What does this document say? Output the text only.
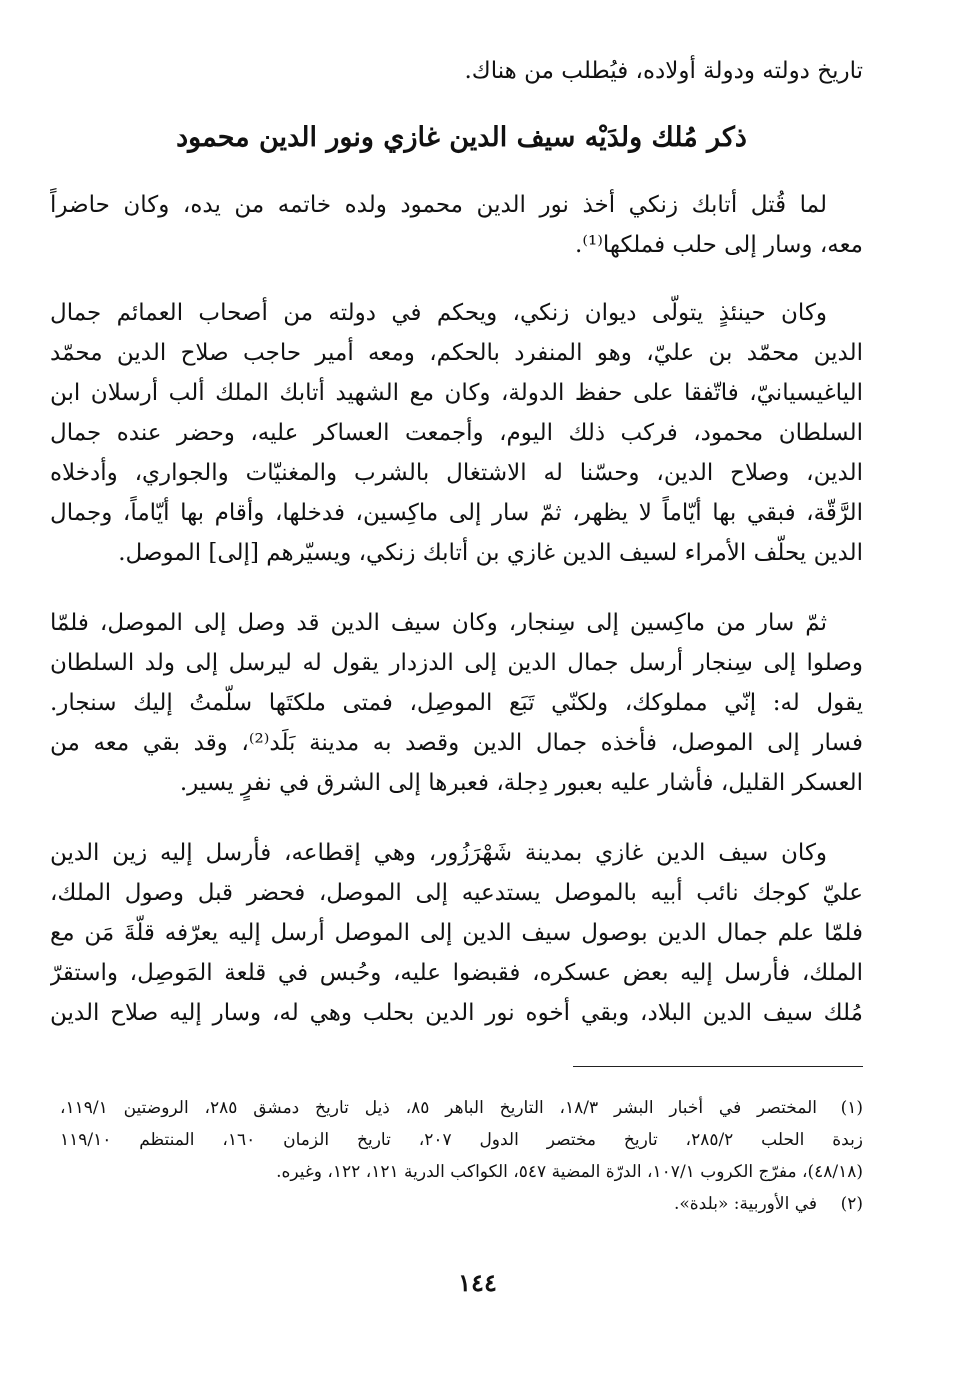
تاريخ دولته ودولة أولاده، فيُطلب من هناك.
ذكر مُلك ولدَيْه سيف الدين غازي ونور الدين محمود
لما قُتل أتابك زنكي أخذ نور الدين محمود ولده خاتمه من يده، وكان حاضراً
معه، وسار إلى حلب فملكها⁽¹⁾.
وكان حينئذٍ يتولّى ديوان زنكي، ويحكم في دولته من أصحاب العمائم جمال
الدين محمّد بن عليّ، وهو المنفرد بالحكم، ومعه أمير حاجب صلاح الدين محمّد
الياغيسيانيّ، فاتّفقا على حفظ الدولة، وكان مع الشهيد أتابك الملك ألب أرسلان ابن
السلطان محمود، فركب ذلك اليوم، وأجمعت العساكر عليه، وحضر عنده جمال
الدين، وصلاح الدين، وحسّنا له الاشتغال بالشرب والمغنيّات والجواري، وأدخلاه
الرَّقّة، فبقي بها أيّاماً لا يظهر، ثمّ سار إلى ماكِسين، فدخلها، وأقام بها أيّاماً، وجمال
الدين يحلّف الأمراء لسيف الدين غازي بن أتابك زنكي، ويسيّرهم [إلى] الموصل.
ثمّ سار من ماكِسين إلى سِنجار، وكان سيف الدين قد وصل إلى الموصل، فلمّا
وصلوا إلى سِنجار أرسل جمال الدين إلى الدزدار يقول له ليرسل إلى ولد السلطان
يقول له: إنّي مملوكك، ولكنّي تَبَع الموصِل، فمتى ملكتَها سلّمتُ إليك سنجار.
فسار إلى الموصل، فأخذه جمال الدين وقصد به مدينة بَلَد⁽²⁾، وقد بقي معه من
العسكر القليل، فأشار عليه بعبور دِجلة، فعبرها إلى الشرق في نفرٍ يسير.
وكان سيف الدين غازي بمدينة شَهْرَزُور، وهي إقطاعه، فأرسل إليه زين الدين
عليّ كوجك نائب أبيه بالموصل يستدعيه إلى الموصل، فحضر قبل وصول الملك،
فلمّا علم جمال الدين بوصول سيف الدين إلى الموصل أرسل إليه يعرّفه قلّةَ مَن مع
الملك، فأرسل إليه بعض عسكره، فقبضوا عليه، وحُبس في قلعة المَوصِل، واستقرّ
مُلك سيف الدين البلاد، وبقي أخوه نور الدين بحلب وهي له، وسار إليه صلاح الدين
(١)
المختصر في أخبار البشر ١٨/٣، التاريخ الباهر ٨٥، ذيل تاريخ دمشق ٢٨٥، الروضتين ١١٩/١،
زبدة الحلب ٢٨٥/٢، تاريخ مختصر الدول ٢٠٧، تاريخ الزمان ١٦٠، المنتظم ١١٩/١٠
(٤٨/١٨)، مفرّج الكروب ١٠٧/١، الدرّة المضية ٥٤٧، الكواكب الدرية ١٢١، ١٢٢، وغيره.
(٢)
في الأوربية: «بلدة».
١٤٤
